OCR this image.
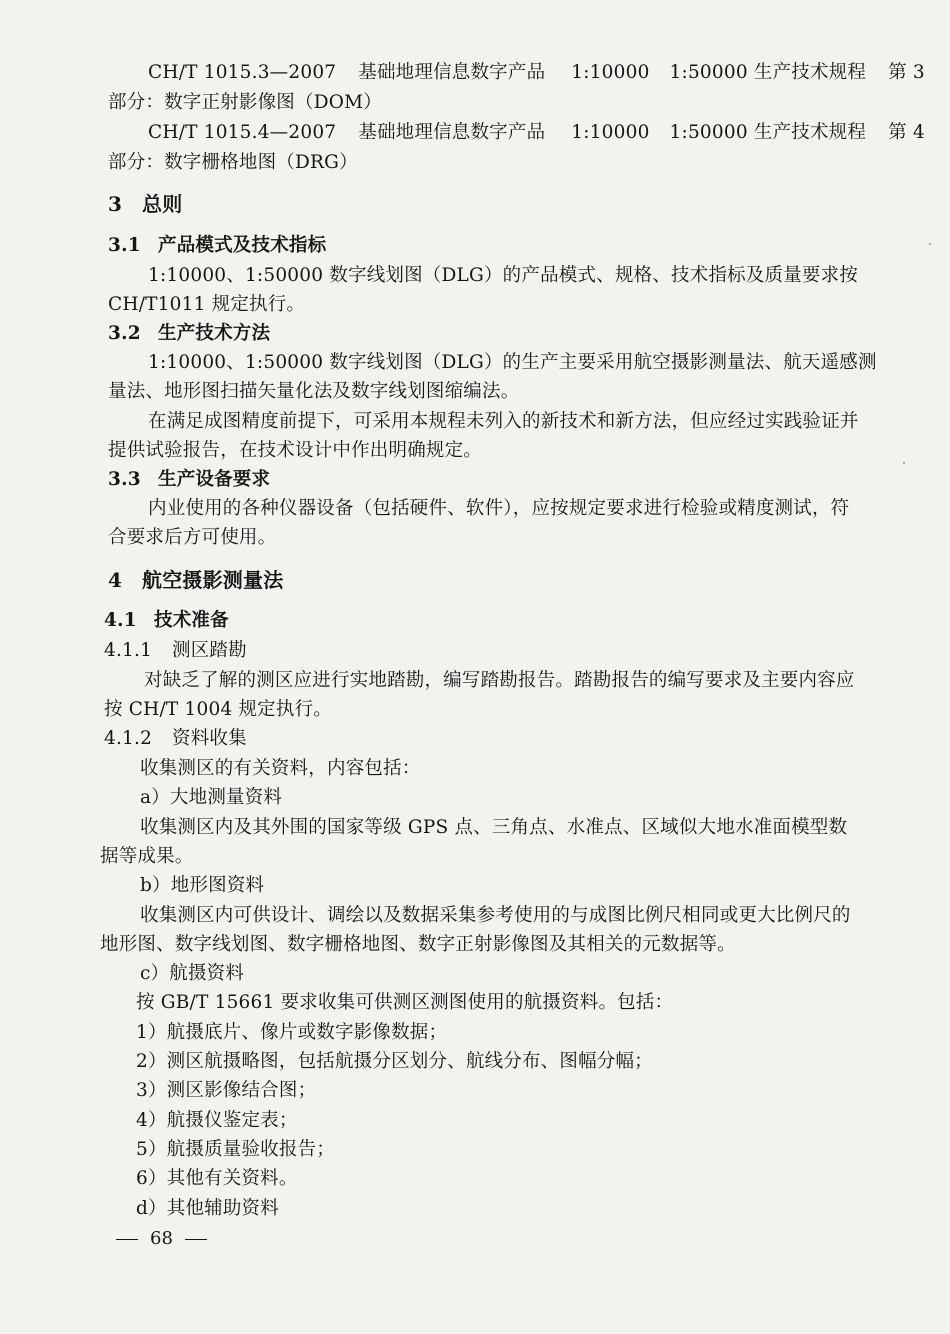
CH/T 1015.3—2007 基础地理信息数字产品 1:10000 1:50000 生产技术规程 第 3
部分：数字正射影像图（DOM）
CH/T 1015.4—2007 基础地理信息数字产品 1:10000 1:50000 生产技术规程 第 4
部分：数字栅格地图（DRG）
3 总则
3.1 产品模式及技术指标
1:10000、1:50000 数字线划图（DLG）的产品模式、规格、技术指标及质量要求按
CH/T1011 规定执行。
3.2 生产技术方法
1:10000、1:50000 数字线划图（DLG）的生产主要采用航空摄影测量法、航天遥感测
量法、地形图扫描矢量化法及数字线划图缩编法。
在满足成图精度前提下，可采用本规程未列入的新技术和新方法，但应经过实践验证并
提供试验报告，在技术设计中作出明确规定。
3.3 生产设备要求
内业使用的各种仪器设备（包括硬件、软件），应按规定要求进行检验或精度测试，符
合要求后方可使用。
4 航空摄影测量法
4.1 技术准备
4.1.1 测区踏勘
对缺乏了解的测区应进行实地踏勘，编写踏勘报告。踏勘报告的编写要求及主要内容应
按 CH/T 1004 规定执行。
4.1.2 资料收集
收集测区的有关资料，内容包括：
a）大地测量资料
收集测区内及其外围的国家等级 GPS 点、三角点、水准点、区域似大地水准面模型数
据等成果。
b）地形图资料
收集测区内可供设计、调绘以及数据采集参考使用的与成图比例尺相同或更大比例尺的
地形图、数字线划图、数字栅格地图、数字正射影像图及其相关的元数据等。
c）航摄资料
按 GB/T 15661 要求收集可供测区测图使用的航摄资料。包括：
1）航摄底片、像片或数字影像数据；
2）测区航摄略图，包括航摄分区划分、航线分布、图幅分幅；
3）测区影像结合图；
4）航摄仪鉴定表；
5）航摄质量验收报告；
6）其他有关资料。
d）其他辅助资料
68
